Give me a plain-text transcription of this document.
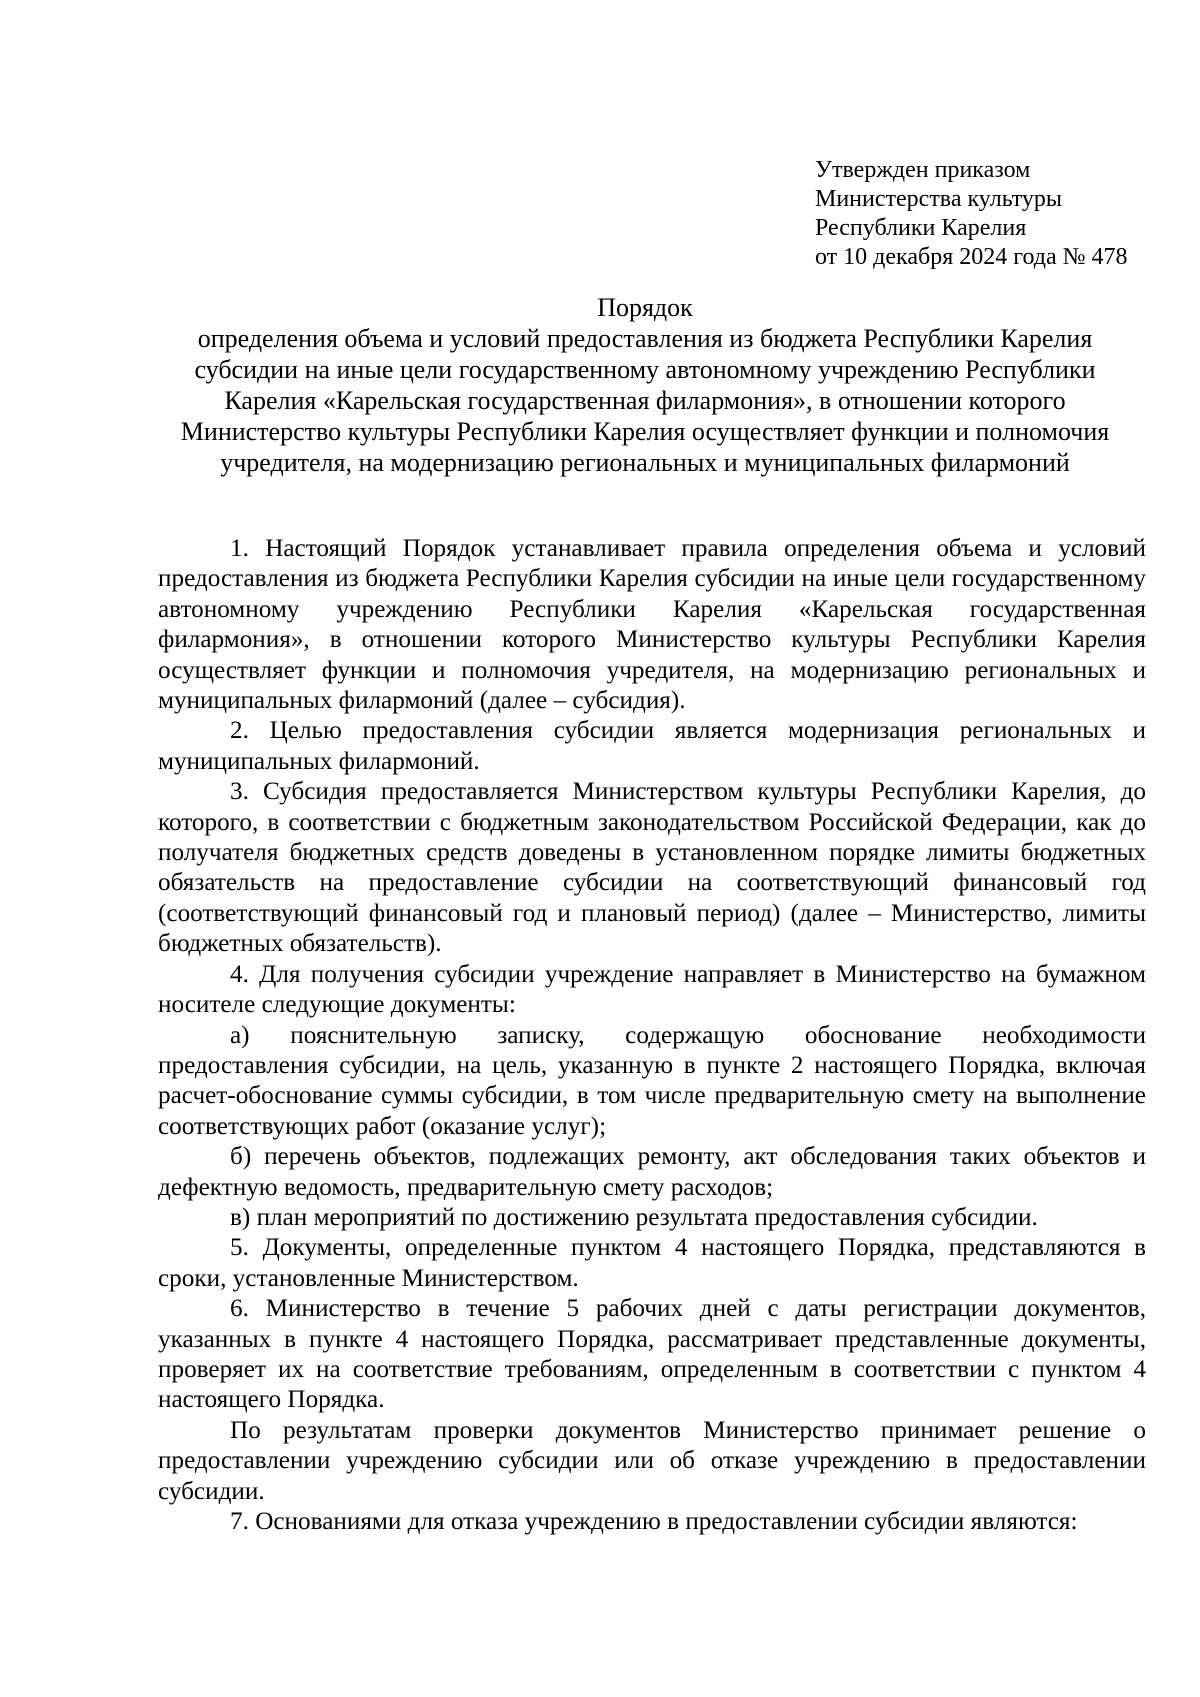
Утвержден приказом
Министерства культуры
Республики Карелия
от 10 декабря 2024 года № 478
Порядок
определения объема и условий предоставления из бюджета Республики Карелия субсидии на иные цели государственному автономному учреждению Республики Карелия «Карельская государственная филармония», в отношении которого Министерство культуры Республики Карелия осуществляет функции и полномочия учредителя, на модернизацию региональных и муниципальных филармоний

1. Настоящий Порядок устанавливает правила определения объема и условий предоставления из бюджета Республики Карелия субсидии на иные цели государственному автономному учреждению Республики Карелия «Карельская государственная филармония», в отношении которого Министерство культуры Республики Карелия осуществляет функции и полномочия учредителя, на модернизацию региональных и муниципальных филармоний (далее – субсидия).

2. Целью предоставления субсидии является модернизация региональных и муниципальных филармоний.

3. Субсидия предоставляется Министерством культуры Республики Карелия, до которого, в соответствии с бюджетным законодательством Российской Федерации, как до получателя бюджетных средств доведены в установленном порядке лимиты бюджетных обязательств на предоставление субсидии на соответствующий финансовый год (соответствующий финансовый год и плановый период) (далее – Министерство, лимиты бюджетных обязательств).

4. Для получения субсидии учреждение направляет в Министерство на бумажном носителе следующие документы:

а) пояснительную записку, содержащую обоснование необходимости предоставления субсидии, на цель, указанную в пункте 2 настоящего Порядка, включая расчет-обоснование суммы субсидии, в том числе предварительную смету на выполнение соответствующих работ (оказание услуг);

б) перечень объектов, подлежащих ремонту, акт обследования таких объектов и дефектную ведомость, предварительную смету расходов;

в) план мероприятий по достижению результата предоставления субсидии.

5. Документы, определенные пунктом 4 настоящего Порядка, представляются в сроки, установленные Министерством.

6. Министерство в течение 5 рабочих дней с даты регистрации документов, указанных в пункте 4 настоящего Порядка, рассматривает представленные документы, проверяет их на соответствие требованиям, определенным в соответствии с пунктом 4 настоящего Порядка.

По результатам проверки документов Министерство принимает решение о предоставлении учреждению субсидии или об отказе учреждению в предоставлении субсидии.

7. Основаниями для отказа учреждению в предоставлении субсидии являются:
